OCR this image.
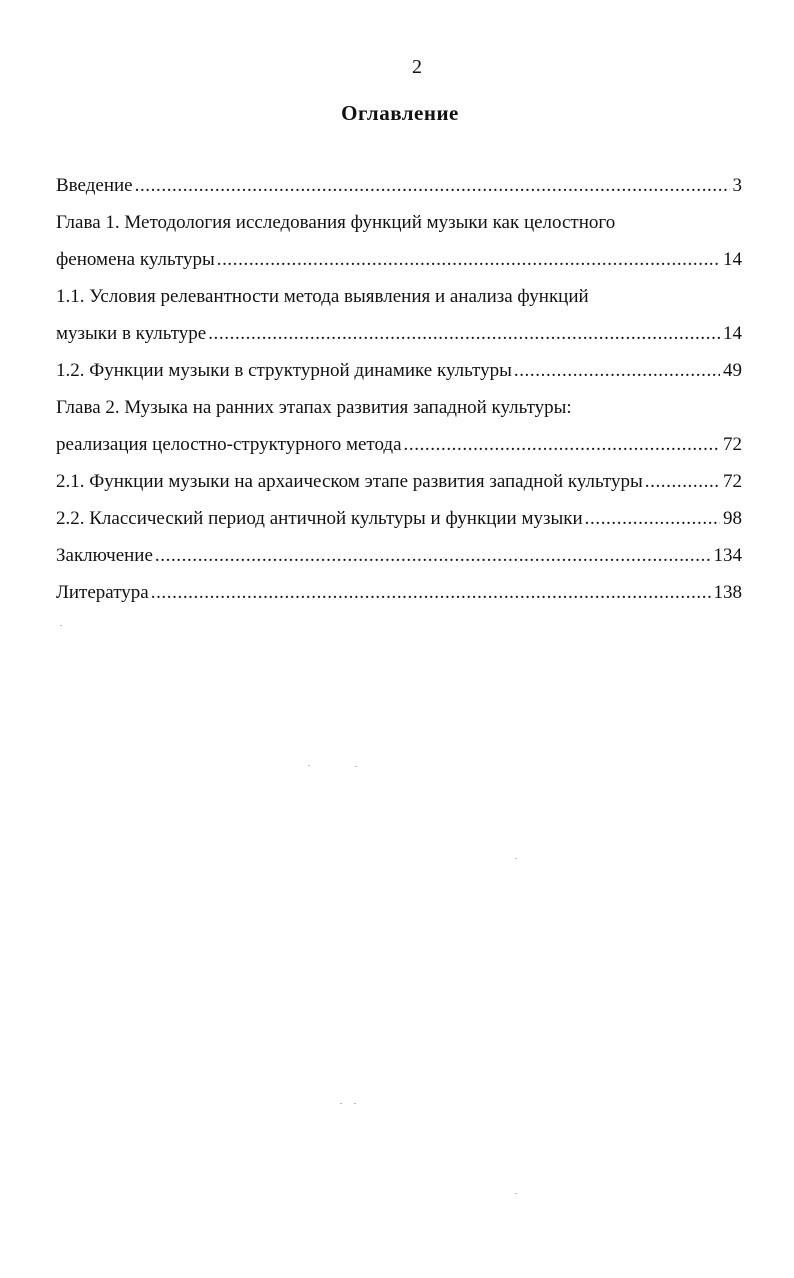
2
Оглавление
Введение .....	3
Глава 1. Методология исследования функций музыки как целостного
феномена культуры .....	14
1.1. Условия релевантности метода выявления и анализа функций
музыки в культуре .....	14
1.2. Функции музыки в структурной динамике культуры .....	49
Глава 2. Музыка на ранних этапах развития западной культуры:
реализация целостно-структурного метода .....	72
2.1. Функции музыки на архаическом этапе развития западной культуры .....	72
2.2. Классический период античной культуры и функции музыки .....	98
Заключение .....	134
Литература .....	138
